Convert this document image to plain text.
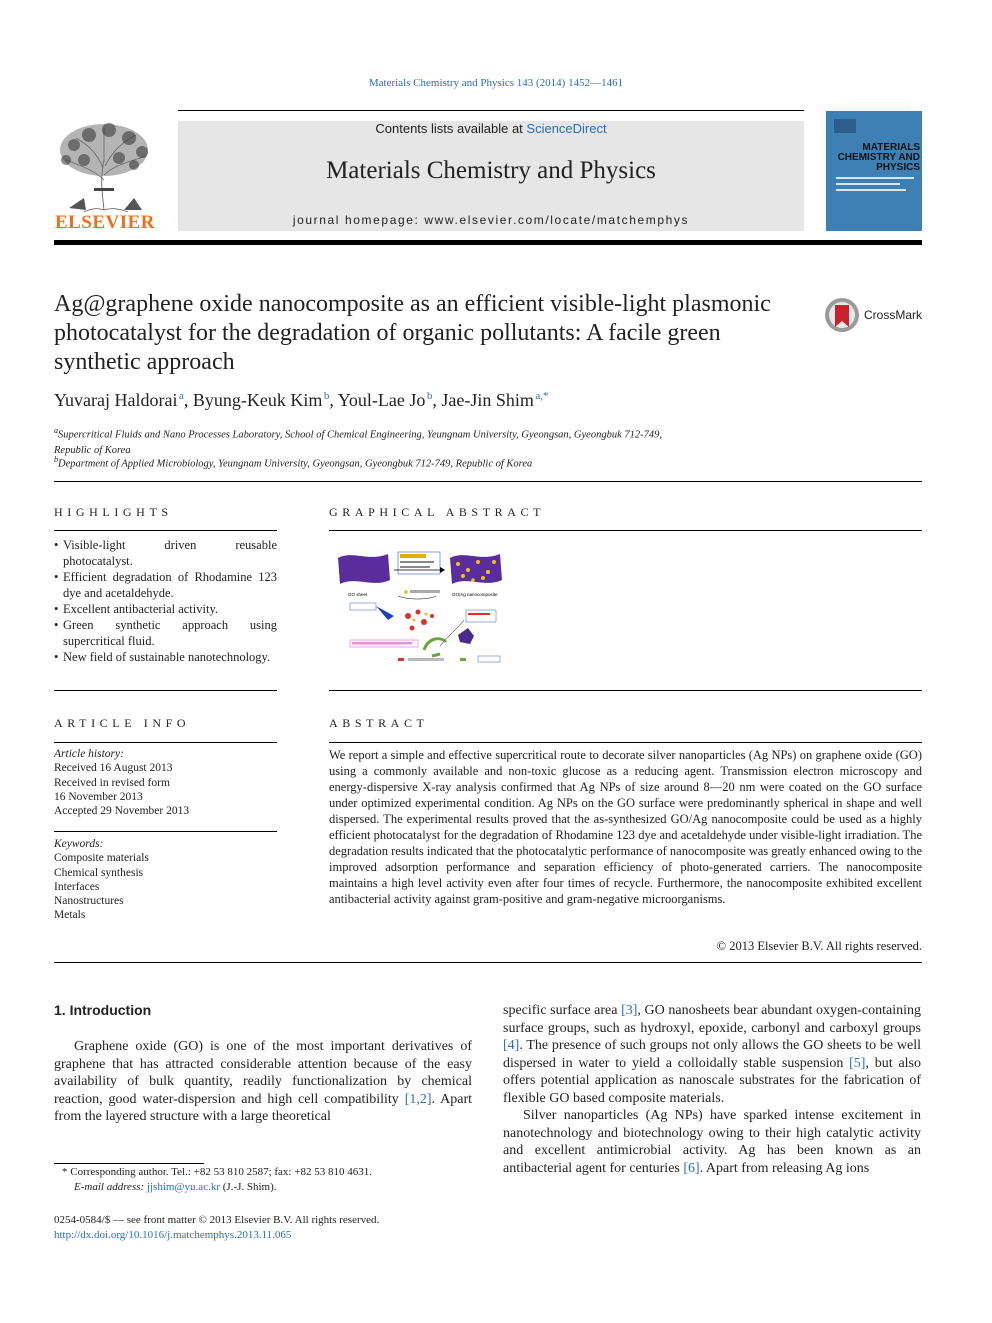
Materials Chemistry and Physics 143 (2014) 1452—1461
ELSEVIER
Contents lists available at ScienceDirect
Materials Chemistry and Physics
journal homepage: www.elsevier.com/locate/matchemphys
MATERIALS CHEMISTRY AND PHYSICS
Ag@graphene oxide nanocomposite as an efficient visible-light plasmonic photocatalyst for the degradation of organic pollutants: A facile green synthetic approach
CrossMark
Yuvaraj Haldorai  $^a$, Byung-Keuk Kim  $^b$, Youl-Lae Jo  $^b$, Jae-Jin Shim  $^{a,*}$
$^a$Supercritical Fluids and Nano Processes Laboratory, School of Chemical Engineering, Yeungnam University, Gyeongsan, Gyeongbuk 712-749, Republic of Korea
$^b$Department of Applied Microbiology, Yeungnam University, Gyeongsan, Gyeongbuk 712-749, Republic of Korea
HIGHLIGHTS
• Visible-light driven reusable photocatalyst.
• Efficient degradation of Rhodamine 123 dye and acetaldehyde.
• Excellent antibacterial activity.
• Green synthetic approach using supercritical fluid.
• New field of sustainable nanotechnology.
GRAPHICAL ABSTRACT
GO sheet	GO/Ag nanocomposite
ARTICLE INFO
Article history:
Received 16 August 2013
Received in revised form
16 November 2013
Accepted 29 November 2013
Keywords:
Composite materials
Chemical synthesis
Interfaces
Nanostructures
Metals
ABSTRACT
We report a simple and effective supercritical route to decorate silver nanoparticles (Ag NPs) on graphene oxide (GO) using a commonly available and non-toxic glucose as a reducing agent. Transmission electron microscopy and energy-dispersive X-ray analysis confirmed that Ag NPs of size around 8—20 nm were coated on the GO surface under optimized experimental condition. Ag NPs on the GO surface were predominantly spherical in shape and well dispersed. The experimental results proved that the as-synthesized GO/Ag nanocomposite could be used as a highly efficient photocatalyst for the degradation of Rhodamine 123 dye and acetaldehyde under visible-light irradiation. The degradation results indicated that the photocatalytic performance of nanocomposite was greatly enhanced owing to the improved adsorption performance and separation efficiency of photo-generated carriers. The nanocomposite maintains a high level activity even after four times of recycle. Furthermore, the nanocomposite exhibited excellent antibacterial activity against gram-positive and gram-negative microorganisms.
© 2013 Elsevier B.V. All rights reserved.
1. Introduction
Graphene oxide (GO) is one of the most important derivatives of graphene that has attracted considerable attention because of the easy availability of bulk quantity, readily functionalization by chemical reaction, good water-dispersion and high cell compatibility [1,2]. Apart from the layered structure with a large theoretical

specific surface area [3], GO nanosheets bear abundant oxygen-containing surface groups, such as hydroxyl, epoxide, carbonyl and carboxyl groups [4]. The presence of such groups not only allows the GO sheets to be well dispersed in water to yield a colloidally stable suspension [5], but also offers potential application as nanoscale substrates for the fabrication of flexible GO based composite materials.

Silver nanoparticles (Ag NPs) have sparked intense excitement in nanotechnology and biotechnology owing to their high catalytic activity and excellent antimicrobial activity. Ag has been known as an antibacterial agent for centuries [6]. Apart from releasing Ag ions

* Corresponding author. Tel.: +82 53 810 2587; fax: +82 53 810 4631.
E-mail address: jjshim@yu.ac.kr (J.-J. Shim).
0254-0584/$ — see front matter © 2013 Elsevier B.V. All rights reserved.
http://dx.doi.org/10.1016/j.matchemphys.2013.11.065
